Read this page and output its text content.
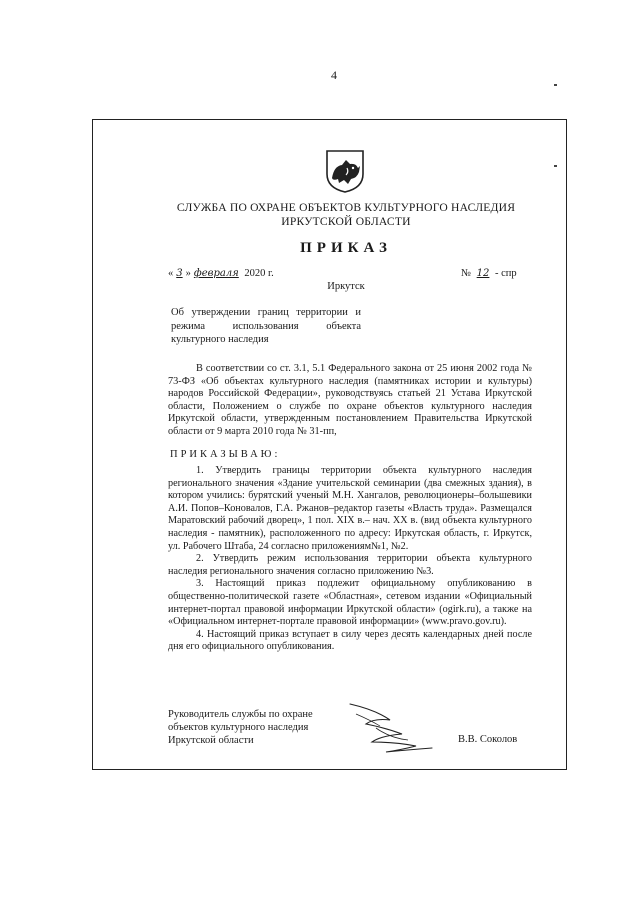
4
СЛУЖБА ПО ОХРАНЕ ОБЪЕКТОВ КУЛЬТУРНОГО НАСЛЕДИЯ
ИРКУТСКОЙ ОБЛАСТИ
ПРИКАЗ
« 3 » февраля 2020 г.	№ 12 - спр
Иркутск
Об утверждении границ территории и режима использования объекта культурного наследия

В соответствии со ст. 3.1, 5.1 Федерального закона от 25 июня 2002 года № 73-ФЗ «Об объектах культурного наследия (памятниках истории и культуры) народов Российской Федерации», руководствуясь статьей 21 Устава Иркутской области, Положением о службе по охране объектов культурного наследия Иркутской области, утвержденным постановлением Правительства Иркутской области от 9 марта 2010 года № 31-пп,

ПРИКАЗЫВАЮ:

1. Утвердить границы территории объекта культурного наследия регионального значения «Здание учительской семинарии (два смежных здания), в котором учились: бурятский ученый М.Н. Хангалов, революционеры–большевики А.И. Попов–Коновалов, Г.А. Ржанов–редактор газеты «Власть труда». Размещался Маратовский рабочий дворец», 1 пол. XIX в.– нач. XX в. (вид объекта культурного наследия - памятник), расположенного по адресу: Иркутская область, г. Иркутск, ул. Рабочего Штаба, 24 согласно приложениям№1, №2.

2. Утвердить режим использования территории объекта культурного наследия регионального значения согласно приложению №3.

3. Настоящий приказ подлежит официальному опубликованию в общественно-политической газете «Областная», сетевом издании «Официальный интернет-портал правовой информации Иркутской области» (ogirk.ru), а также на «Официальном интернет-портале правовой информации» (www.pravo.gov.ru).

4. Настоящий приказ вступает в силу через десять календарных дней после дня его официального опубликования.

Руководитель службы по охране объектов культурного наследия Иркутской области	В.В. Соколов
